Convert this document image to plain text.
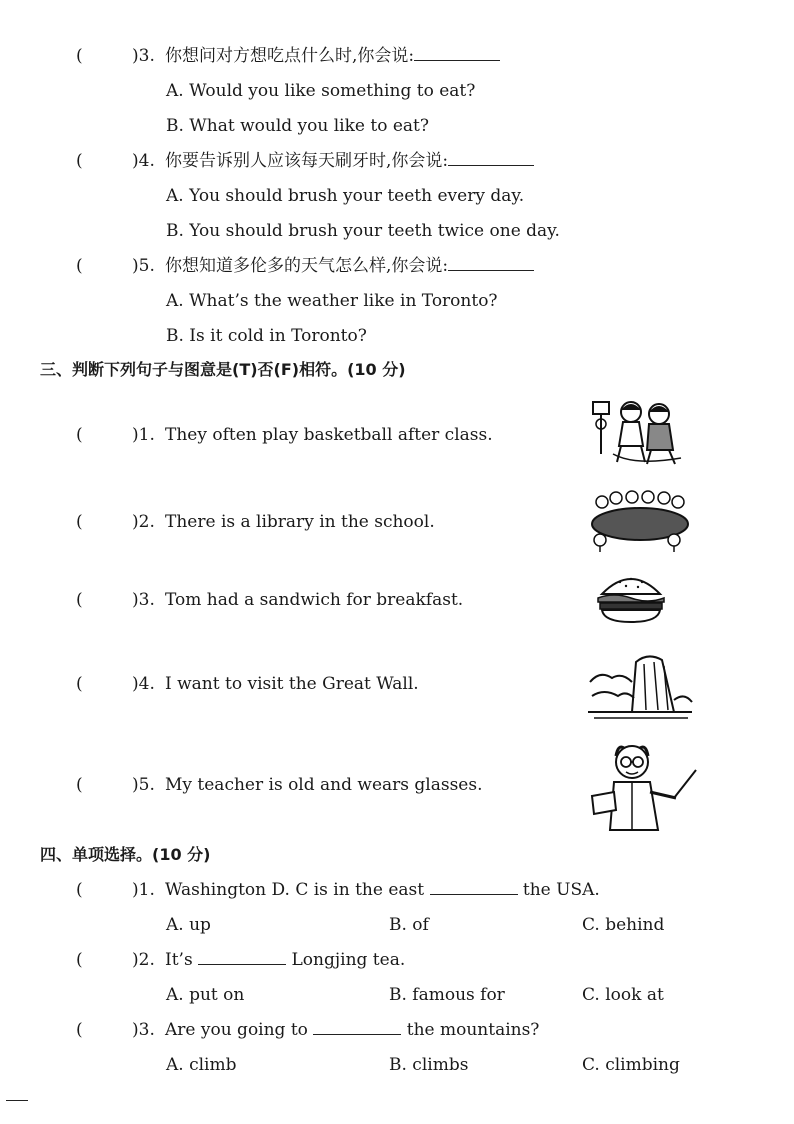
(	)3. 你想问对方想吃点什么时,你会说:
A. Would you like something to eat?
B. What would you like to eat?
(	)4. 你要告诉别人应该每天刷牙时,你会说:
A. You should brush your teeth every day.
B. You should brush your teeth twice one day.
(	)5. 你想知道多伦多的天气怎么样,你会说:
A. What’s the weather like in Toronto?
B. Is it cold in Toronto?
三、判断下列句子与图意是(T)否(F)相符。(10 分)
(	)1. They often play basketball after class.
(	)2. There is a library in the school.
(	)3. Tom had a sandwich for breakfast.
(	)4. I want to visit the Great Wall.
(	)5. My teacher is old and wears glasses.
四、单项选择。(10 分)
(	)1. Washington D. C is in the east	the USA.
A. up	B. of	C. behind
(	)2. It’s	Longjing tea.
A. put on	B. famous for	C. look at
(	)3. Are you going to	the mountains?
A. climb	B. climbs	C. climbing
